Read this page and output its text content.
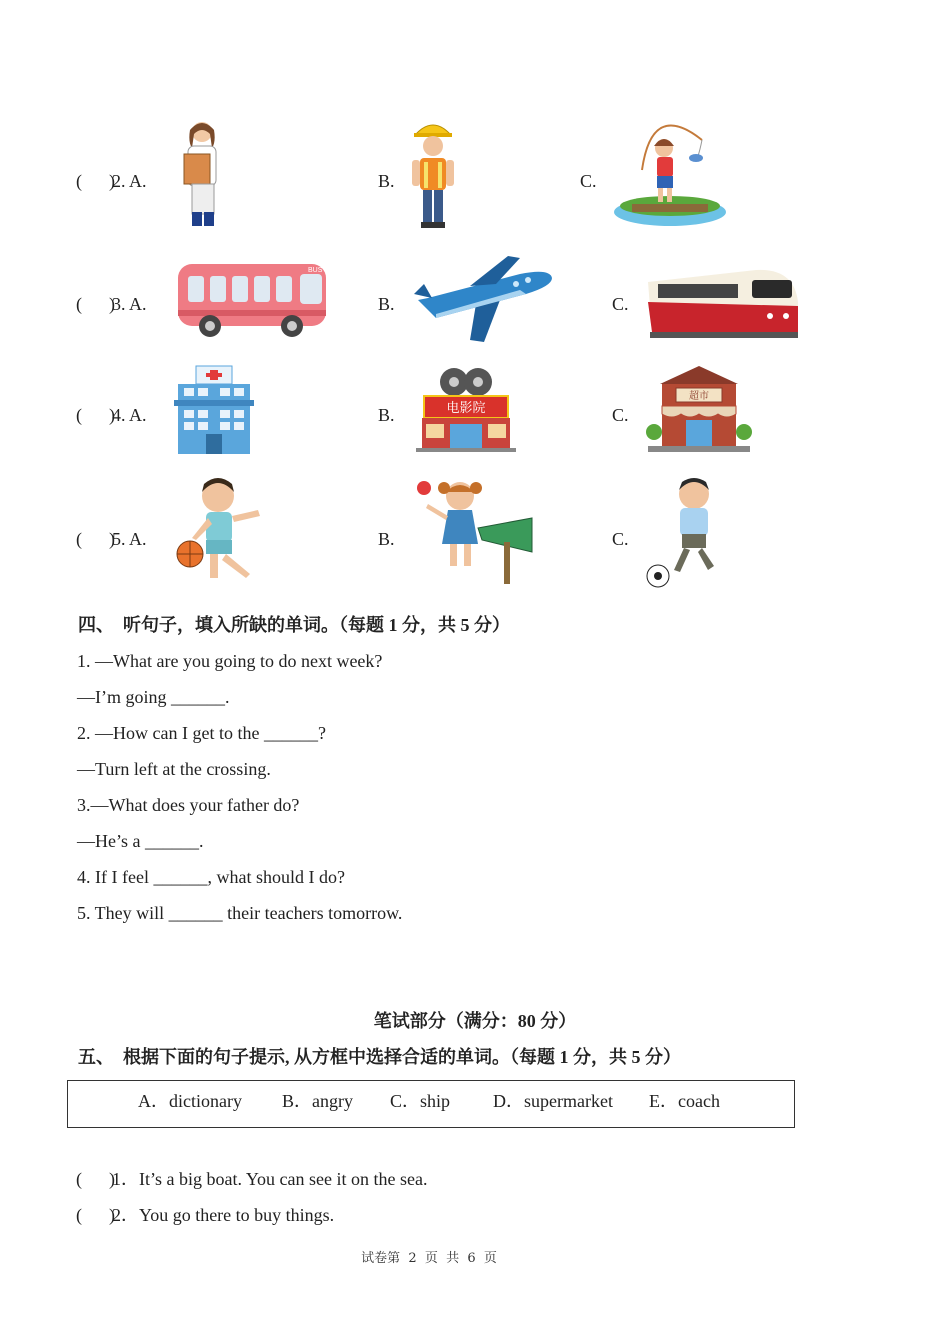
(      )
2. A.	B.	C.
(      )
3. A.	B.	C.
BUS
(      )
4. A.	B.	C.
电影院
超市
(      )
5. A.	B.	C.
四、  听句子，填入所缺的单词。（每题 1 分，共 5 分）
1. —What are you going to do next week?
—I’m going ______.
2. —How can I get to the ______?
—Turn left at the crossing.
3.—What does your father do?
—He’s a ______.
4. If I feel ______, what should I do?
5. They will ______ their teachers tomorrow.
笔试部分（满分：80 分）
五、  根据下面的句子提示, 从方框中选择合适的单词。（每题 1 分，共 5 分）
A．dictionary B．angry C．ship D．supermarket E．coach
(      )
1．It’s a big boat. You can see it on the sea.
(      )
2．You go there to buy things.
试卷第  2  页  共  6  页
